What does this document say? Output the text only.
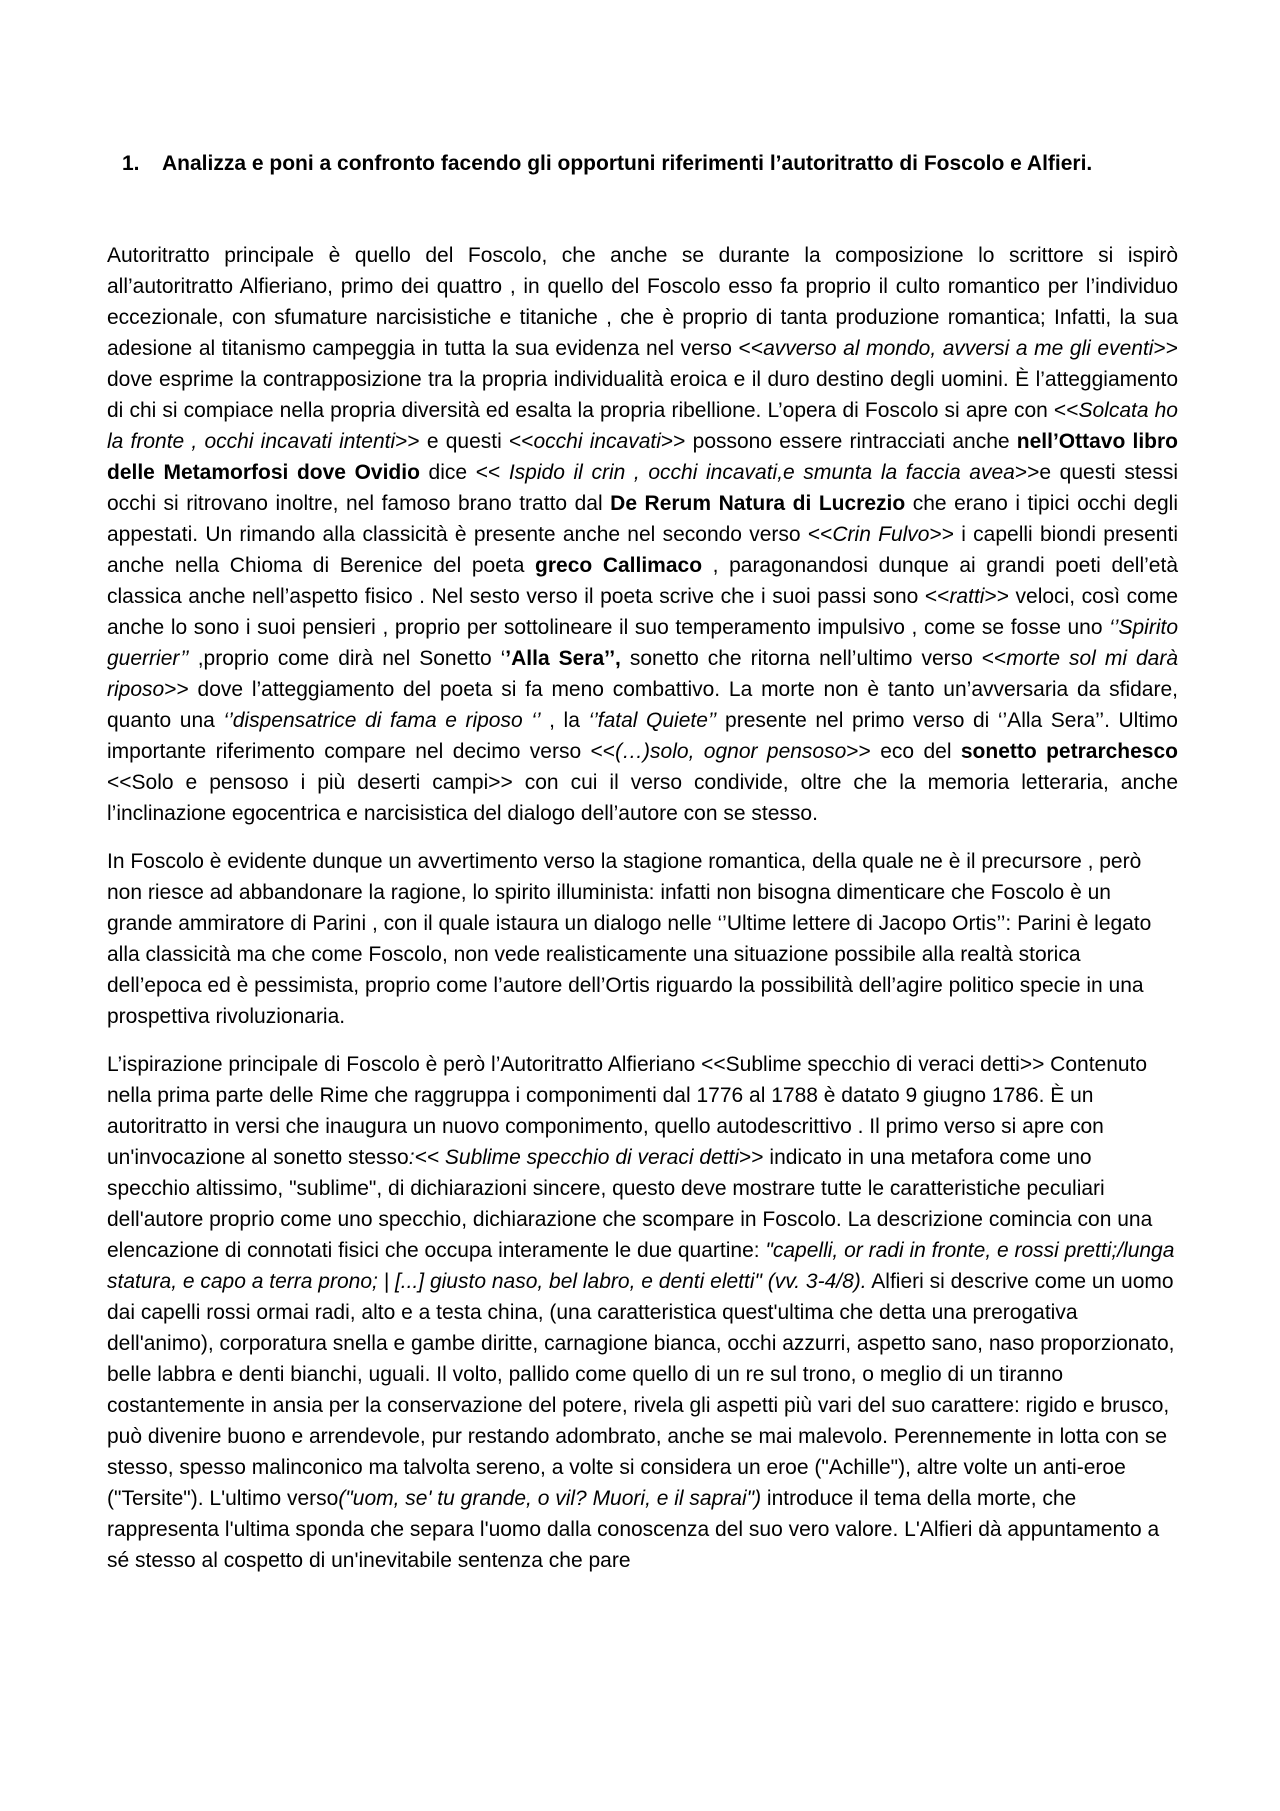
1. Analizza e poni a confronto facendo gli opportuni riferimenti l’autoritratto di Foscolo e Alfieri.

Autoritratto principale è quello del Foscolo, che anche se durante la composizione lo scrittore si ispirò all’autoritratto Alfieriano, primo dei quattro , in quello del Foscolo esso fa proprio il culto romantico per l’individuo eccezionale, con sfumature narcisistiche e titaniche , che è proprio di tanta produzione romantica; Infatti, la sua adesione al titanismo campeggia in tutta la sua evidenza nel verso <<avverso al mondo, avversi a me gli eventi>> dove esprime la contrapposizione tra la propria individualità eroica e il duro destino degli uomini. È l’atteggiamento di chi si compiace nella propria diversità ed esalta la propria ribellione. L’opera di Foscolo si apre con <<Solcata ho la fronte , occhi incavati intenti>> e questi <<occhi incavati>> possono essere rintracciati anche nell’Ottavo libro delle Metamorfosi dove Ovidio dice << Ispido il crin , occhi incavati,e smunta la faccia avea>>e questi stessi occhi si ritrovano inoltre, nel famoso brano tratto dal De Rerum Natura di Lucrezio che erano i tipici occhi degli appestati. Un rimando alla classicità è presente anche nel secondo verso <<Crin Fulvo>> i capelli biondi presenti anche nella Chioma di Berenice del poeta greco Callimaco , paragonandosi dunque ai grandi poeti dell’età classica anche nell’aspetto fisico . Nel sesto verso il poeta scrive che i suoi passi sono <<ratti>> veloci, così come anche lo sono i suoi pensieri , proprio per sottolineare il suo temperamento impulsivo , come se fosse uno ‘’Spirito guerrier’’ ,proprio come dirà nel Sonetto ‘’Alla Sera’’, sonetto che ritorna nell’ultimo verso <<morte sol mi darà riposo>> dove l’atteggiamento del poeta si fa meno combattivo. La morte non è tanto un’avversaria da sfidare, quanto una ‘’dispensatrice di fama e riposo ‘’ , la ‘’fatal Quiete’’ presente nel primo verso di ‘’Alla Sera’’. Ultimo importante riferimento compare nel decimo verso <<(…)solo, ognor pensoso>> eco del sonetto petrarchesco <<Solo e pensoso i più deserti campi>> con cui il verso condivide, oltre che la memoria letteraria, anche l’inclinazione egocentrica e narcisistica del dialogo dell’autore con se stesso.

In Foscolo è evidente dunque un avvertimento verso la stagione romantica, della quale ne è il precursore , però non riesce ad abbandonare la ragione, lo spirito illuminista: infatti non bisogna dimenticare che Foscolo è un grande ammiratore di Parini , con il quale istaura un dialogo nelle ‘’Ultime lettere di Jacopo Ortis’’: Parini è legato alla classicità ma che come Foscolo, non vede realisticamente una situazione possibile alla realtà storica dell’epoca ed è pessimista, proprio come l’autore dell’Ortis riguardo la possibilità dell’agire politico specie in una prospettiva rivoluzionaria.

L’ispirazione principale di Foscolo è però l’Autoritratto Alfieriano <<Sublime specchio di veraci detti>> Contenuto nella prima parte delle Rime che raggruppa i componimenti dal 1776 al 1788 è datato 9 giugno 1786. È un autoritratto in versi che inaugura un nuovo componimento, quello autodescrittivo . Il primo verso si apre con un'invocazione al sonetto stesso:<< Sublime specchio di veraci detti>> indicato in una metafora come uno specchio altissimo, "sublime", di dichiarazioni sincere, questo deve mostrare tutte le caratteristiche peculiari dell'autore proprio come uno specchio, dichiarazione che scompare in Foscolo. La descrizione comincia con una elencazione di connotati fisici che occupa interamente le due quartine: "capelli, or radi in fronte, e rossi pretti;/lunga statura, e capo a terra prono; | [...] giusto naso, bel labro, e denti eletti" (vv. 3-4/8). Alfieri si descrive come un uomo dai capelli rossi ormai radi, alto e a testa china, (una caratteristica quest'ultima che detta una prerogativa dell'animo), corporatura snella e gambe diritte, carnagione bianca, occhi azzurri, aspetto sano, naso proporzionato, belle labbra e denti bianchi, uguali. Il volto, pallido come quello di un re sul trono, o meglio di un tiranno costantemente in ansia per la conservazione del potere, rivela gli aspetti più vari del suo carattere: rigido e brusco, può divenire buono e arrendevole, pur restando adombrato, anche se mai malevolo. Perennemente in lotta con se stesso, spesso malinconico ma talvolta sereno, a volte si considera un eroe ("Achille"), altre volte un anti-eroe ("Tersite"). L'ultimo verso("uom, se' tu grande, o vil? Muori, e il saprai") introduce il tema della morte, che rappresenta l'ultima sponda che separa l'uomo dalla conoscenza del suo vero valore. L'Alfieri dà appuntamento a sé stesso al cospetto di un'inevitabile sentenza che pare
